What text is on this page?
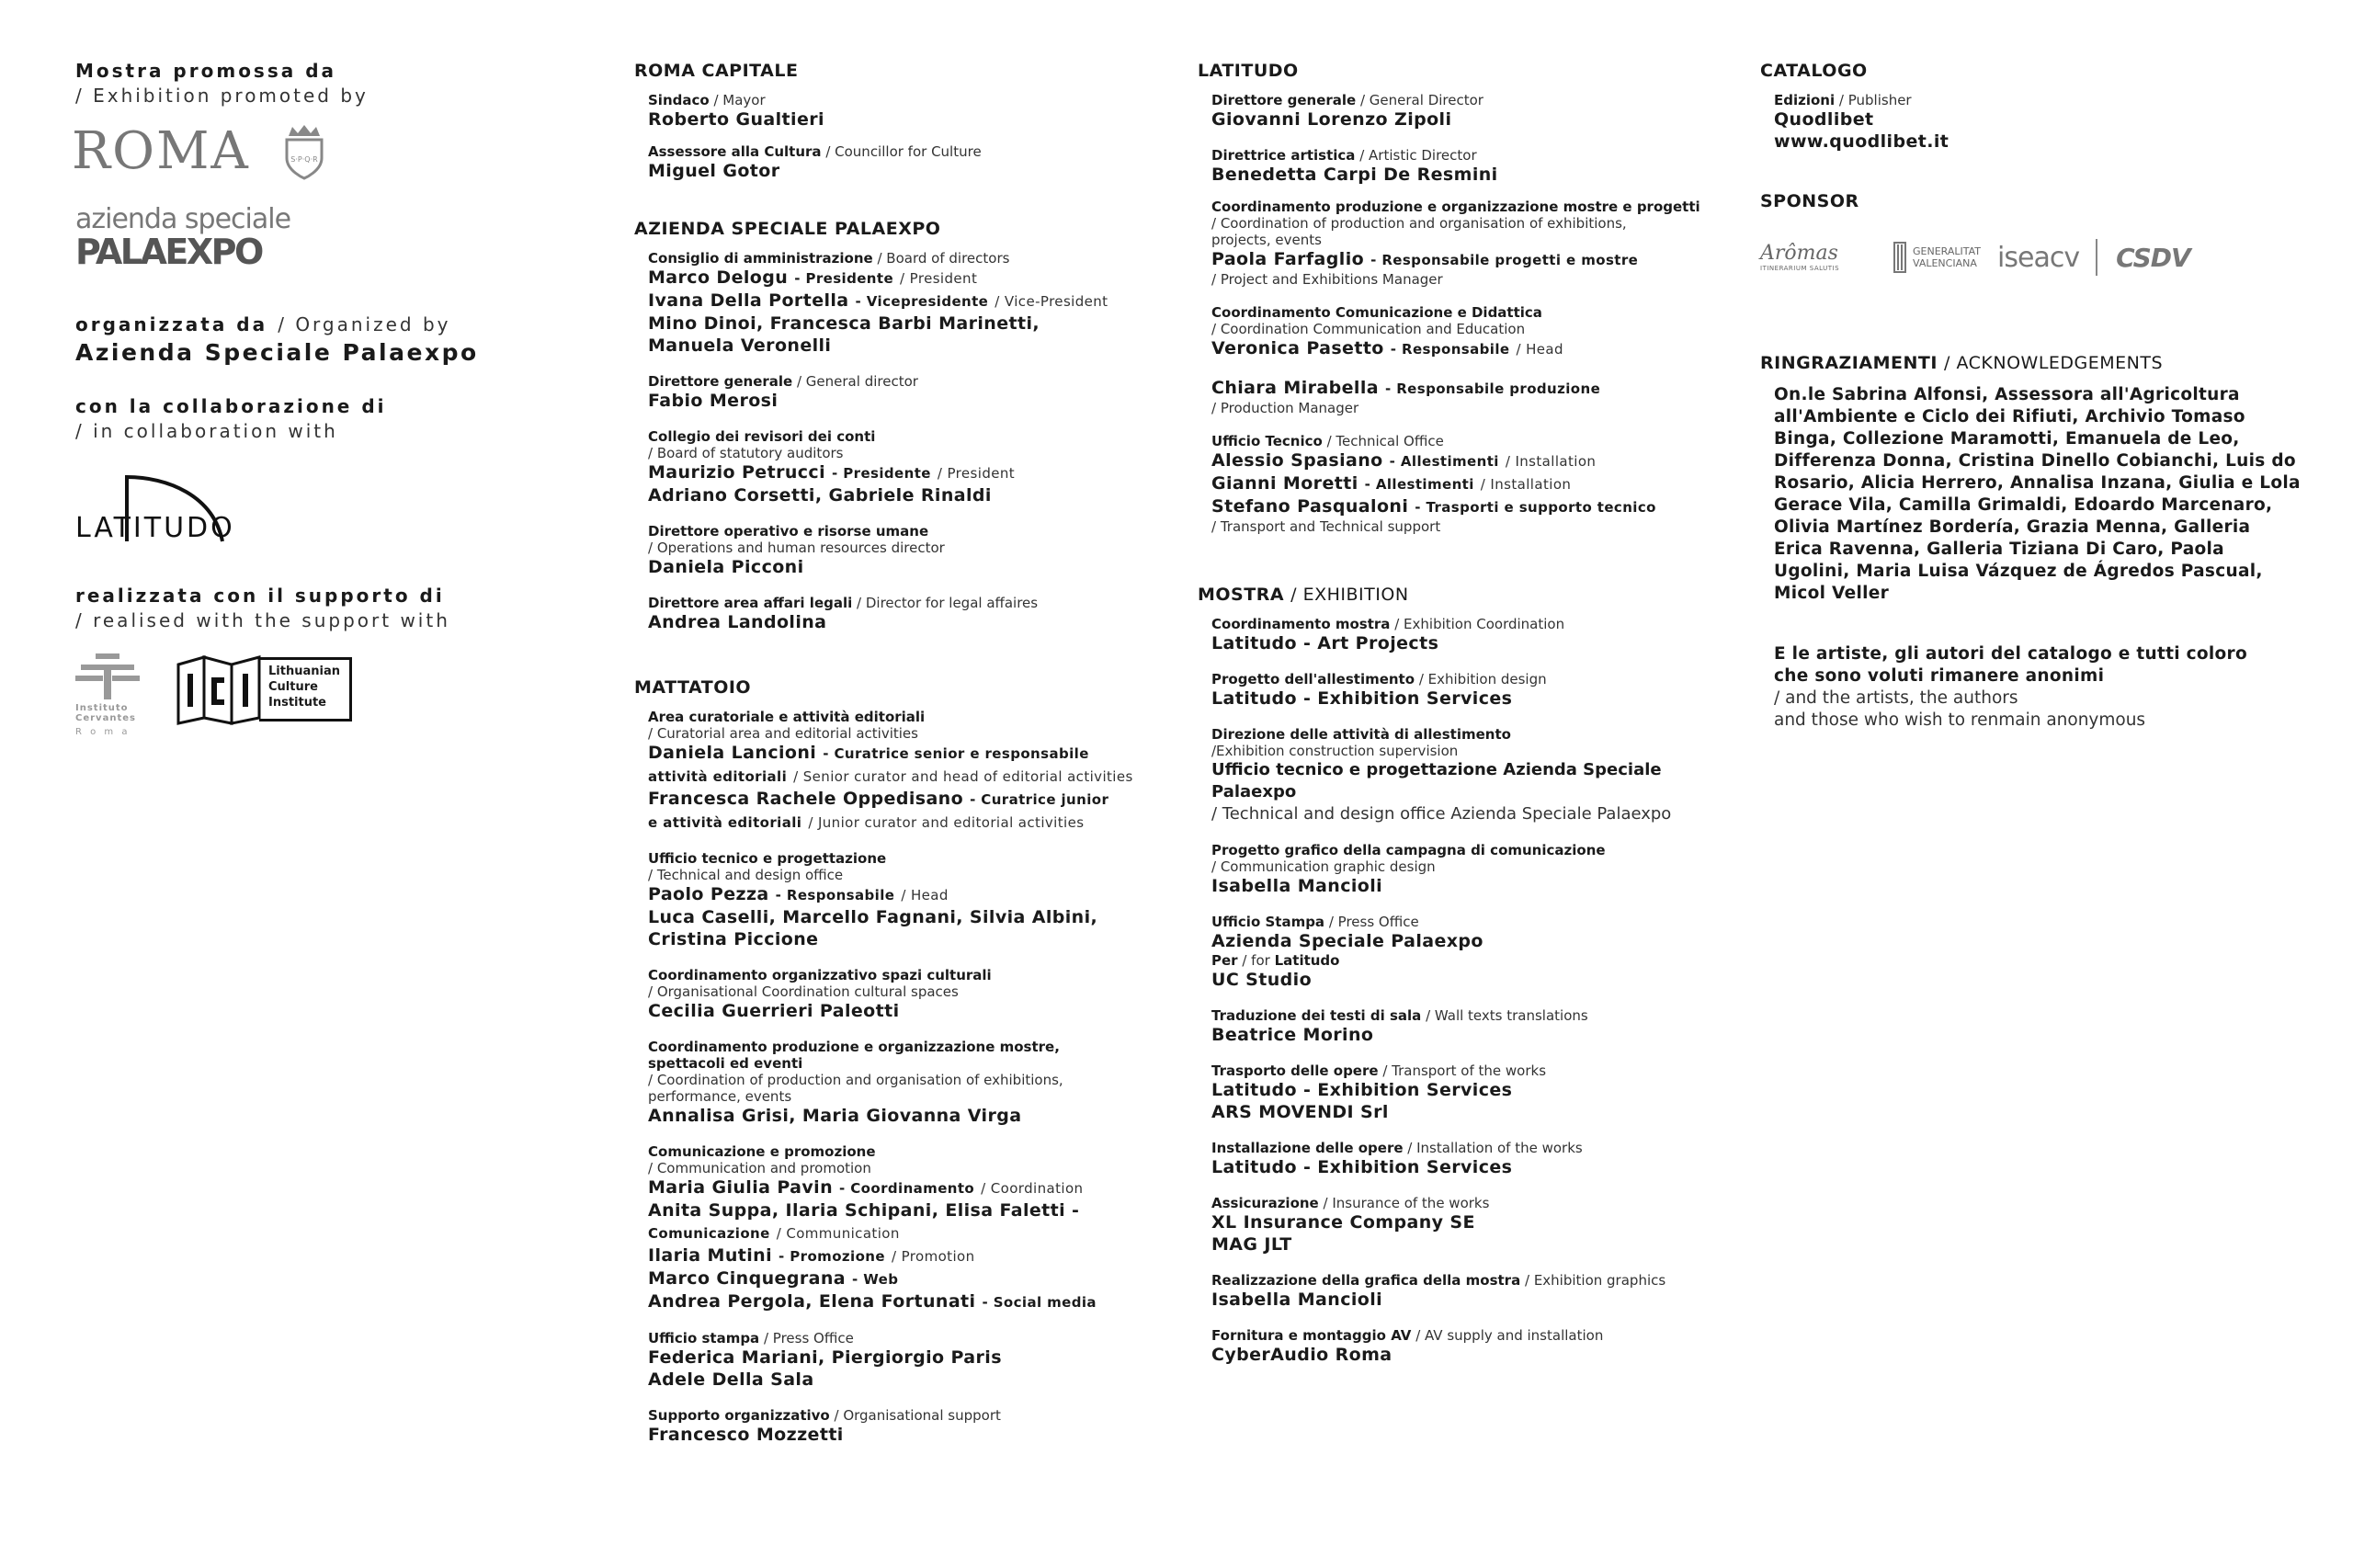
Mostra promossa da

/ Exhibition promoted by

ROMA	S·P·Q·R
azienda speciale
PALAEXPO
organizzata da / Organized by

Azienda Speciale Palaexpo

con la collaborazione di

/ in collaboration with

LATITUDO

realizzata con il supporto di

/ realised with the support with

Instituto
Cervantes
R o m a
Lithuanian
Culture
Institute

ROMA CAPITALE

Sindaco / Mayor
Roberto Gualtieri
Assessore alla Cultura / Councillor for Culture
Miguel Gotor

AZIENDA SPECIALE PALAEXPO

Consiglio di amministrazione / Board of directors
Marco Delogu - Presidente / President
Ivana Della Portella - Vicepresidente / Vice-President
Mino Dinoi, Francesca Barbi Marinetti,
Manuela Veronelli
Direttore generale / General director
Fabio Merosi
Collegio dei revisori dei conti
/ Board of statutory auditors
Maurizio Petrucci - Presidente / President
Adriano Corsetti, Gabriele Rinaldi
Direttore operativo e risorse umane
/ Operations and human resources director
Daniela Picconi
Direttore area affari legali / Director for legal affaires
Andrea Landolina

MATTATOIO

Area curatoriale e attività editoriali
/ Curatorial area and editorial activities
Daniela Lancioni - Curatrice senior e responsabile
attività editoriali / Senior curator and head of editorial activities
Francesca Rachele Oppedisano - Curatrice junior
e attività editoriali / Junior curator and editorial activities
Ufficio tecnico e progettazione
/ Technical and design office
Paolo Pezza - Responsabile / Head
Luca Caselli, Marcello Fagnani, Silvia Albini,
Cristina Piccione
Coordinamento organizzativo spazi culturali
/ Organisational Coordination cultural spaces
Cecilia Guerrieri Paleotti
Coordinamento produzione e organizzazione mostre,
spettacoli ed eventi
/ Coordination of production and organisation of exhibitions,
performance, events
Annalisa Grisi, Maria Giovanna Virga
Comunicazione e promozione
/ Communication and promotion
Maria Giulia Pavin - Coordinamento / Coordination
Anita Suppa, Ilaria Schipani, Elisa Faletti -
Comunicazione / Communication
Ilaria Mutini - Promozione / Promotion
Marco Cinquegrana - Web
Andrea Pergola, Elena Fortunati - Social media
Ufficio stampa / Press Office
Federica Mariani, Piergiorgio Paris
Adele Della Sala
Supporto organizzativo / Organisational support
Francesco Mozzetti

LATITUDO

Direttore generale / General Director
Giovanni Lorenzo Zipoli
Direttrice artistica / Artistic Director
Benedetta Carpi De Resmini
Coordinamento produzione e organizzazione mostre e progetti
/ Coordination of production and organisation of exhibitions,
projects, events
Paola Farfaglio - Responsabile progetti e mostre
/ Project and Exhibitions Manager
Coordinamento Comunicazione e Didattica
/ Coordination Communication and Education
Veronica Pasetto - Responsabile / Head
Chiara Mirabella - Responsabile produzione
/ Production Manager
Ufficio Tecnico / Technical Office
Alessio Spasiano - Allestimenti / Installation
Gianni Moretti - Allestimenti / Installation
Stefano Pasqualoni - Trasporti e supporto tecnico
/ Transport and Technical support

MOSTRA / EXHIBITION

Coordinamento mostra / Exhibition Coordination
Latitudo - Art Projects
Progetto dell'allestimento / Exhibition design
Latitudo - Exhibition Services
Direzione delle attività di allestimento
/Exhibition construction supervision
Ufficio tecnico e progettazione Azienda Speciale Palaexpo
/ Technical and design office Azienda Speciale Palaexpo
Progetto grafico della campagna di comunicazione
/ Communication graphic design
Isabella Mancioli
Ufficio Stampa / Press Office
Azienda Speciale Palaexpo
Per / for Latitudo
UC Studio
Traduzione dei testi di sala / Wall texts translations
Beatrice Morino
Trasporto delle opere / Transport of the works
Latitudo - Exhibition Services
ARS MOVENDI Srl
Installazione delle opere / Installation of the works
Latitudo - Exhibition Services
Assicurazione / Insurance of the works
XL Insurance Company SE
MAG JLT
Realizzazione della grafica della mostra / Exhibition graphics
Isabella Mancioli
Fornitura e montaggio AV / AV supply and installation
CyberAudio Roma

CATALOGO

Edizioni / Publisher
Quodlibet
www.quodlibet.it

SPONSOR

Arômas
ITINERARIUM SALUTIS
GENERALITAT
VALENCIANA iseacv CSDV

RINGRAZIAMENTI / ACKNOWLEDGEMENTS

On.le Sabrina Alfonsi, Assessora all'Agricoltura
all'Ambiente e Ciclo dei Rifiuti, Archivio Tomaso
Binga, Collezione Maramotti, Emanuela de Leo,
Differenza Donna, Cristina Dinello Cobianchi, Luis do
Rosario, Alicia Herrero, Annalisa Inzana, Giulia e Lola
Gerace Vila, Camilla Grimaldi, Edoardo Marcenaro,
Olivia Martínez Bordería, Grazia Menna, Galleria
Erica Ravenna, Galleria Tiziana Di Caro, Paola
Ugolini, Maria Luisa Vázquez de Ágredos Pascual,
Micol Veller
E le artiste, gli autori del catalogo e tutti coloro
che sono voluti rimanere anonimi
/ and the artists, the authors
and those who wish to renmain anonymous
